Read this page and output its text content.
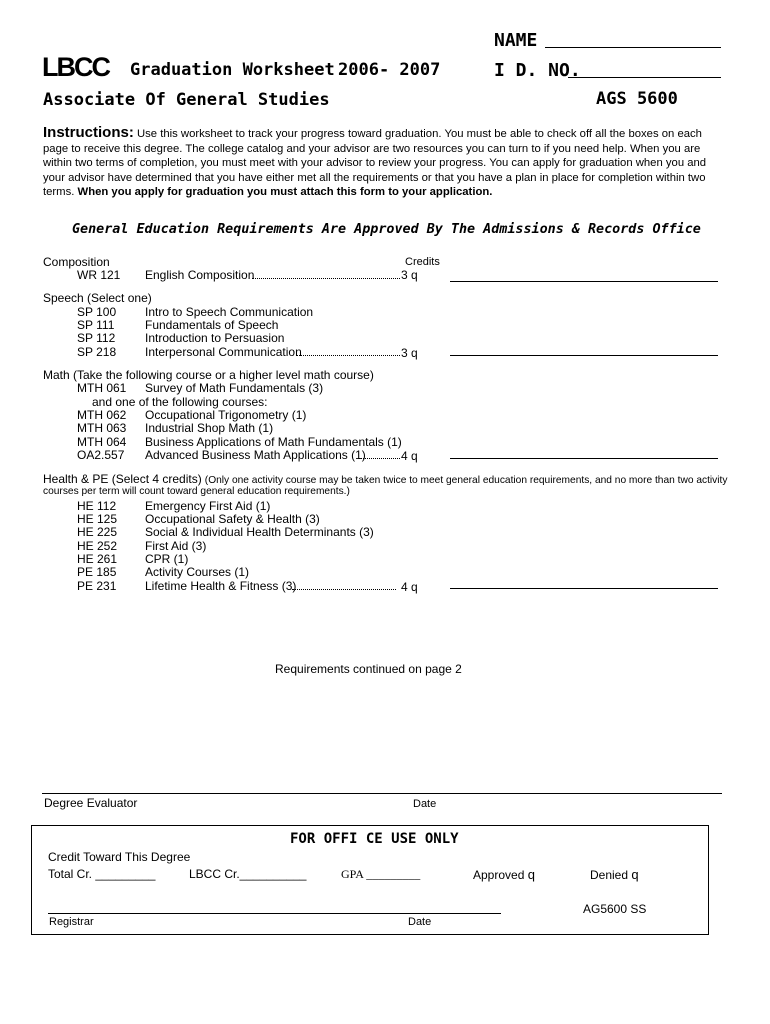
LBCC Graduation Worksheet 2006- 2007
Associate Of General Studies
NAME
I D. NO.
AGS 5600
Instructions: Use this worksheet to track your progress toward graduation. You must be able to check off all the boxes on each
page to receive this degree. The college catalog and your advisor are two resources you can turn to if you need help. When you are
within two terms of completion, you must meet with your advisor to review your progress. You can apply for graduation when you and
your advisor have determined that you have either met all the requirements or that you have a plan in place for completion within two
terms. When you apply for graduation you must attach this form to your application.
General Education Requirements Are Approved By The Admissions & Records Office
Credits
Composition
WR 121 English Composition	3 q
Speech (Select one)
SP 100 Intro to Speech Communication
SP 111	Fundamentals of Speech
SP 112 Introduction to Persuasion
SP 218 Interpersonal Communication	3 q
Math (Take the following course or a higher level math course)
MTH 061 Survey of Math Fundamentals (3)
and one of the following courses:
MTH 062 Occupational Trigonometry (1)
MTH 063 Industrial Shop Math (1)
MTH 064 Business Applications of Math Fundamentals (1)
OA2.557 Advanced Business Math Applications (1)	4 q
Health & PE (Select 4 credits) (Only one activity course may be taken twice to meet general education requirements, and no more than two activity
courses per term will count toward general education requirements.)
HE 112 Emergency First Aid (1)
HE 125 Occupational Safety & Health (3)
HE 225 Social & Individual Health Determinants (3)
HE 252 First Aid (3)
HE 261 CPR (1)
PE 185 Activity Courses (1)
PE 231 Lifetime Health & Fitness (3)	4 q
Requirements continued on page 2
Degree Evaluator	Date
FOR OFFI CE USE ONLY
Credit Toward This Degree
Total Cr. _________	LBCC Cr.__________	GPA _________	Approved q	Denied q
AG5600 SS
Registrar	Date
